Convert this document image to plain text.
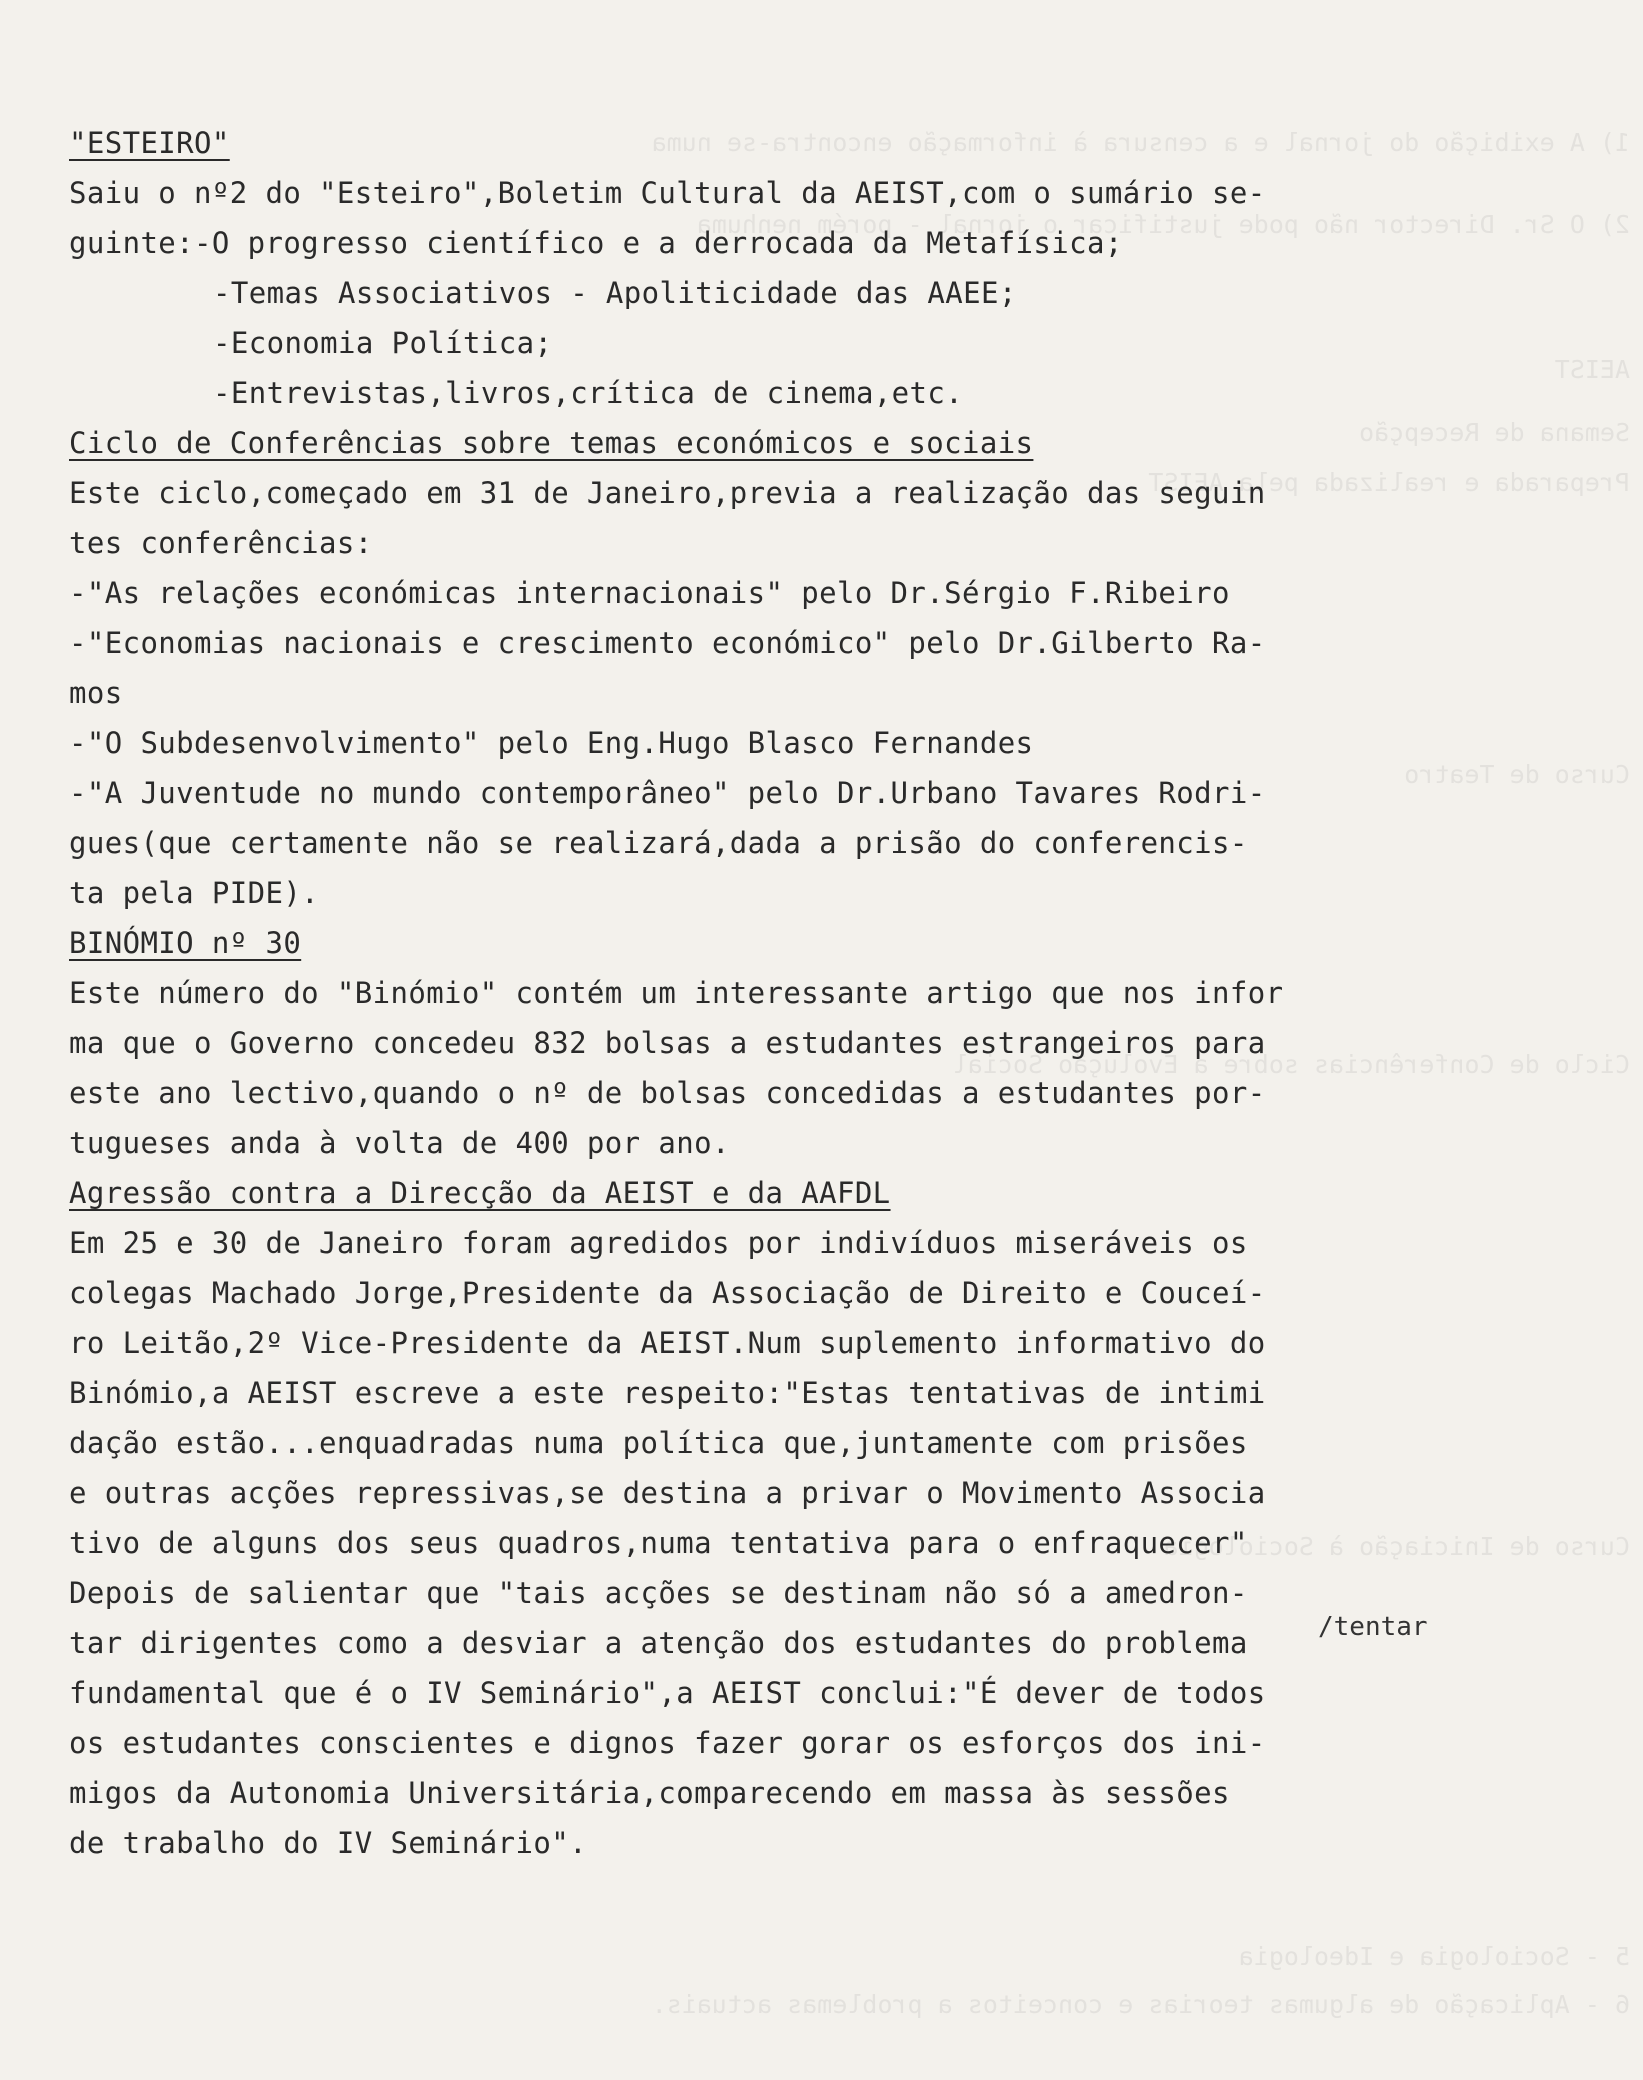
1) A exibição do jornal e a censura à informação encontra-se numa
2) O Sr. Director não pode justificar o jornal - porém nenhuma
AEIST
Semana de Recepção
Preparada e realizada pela AEIST
Curso de Teatro
Ciclo de Conferências sobre a Evolução Social
Curso de Iniciação à Sociologia
5 - Sociologia e Ideologia
6 - Aplicação de algumas teorias e conceitos a problemas actuais.

"ESTEIRO"

Saiu o nº2 do "Esteiro",Boletim Cultural da AEIST,com o sumário se-

guinte:-O progresso científico e a derrocada da Metafísica;

-Temas Associativos - Apoliticidade das AAEE;

-Economia Política;

-Entrevistas,livros,crítica de cinema,etc.

Ciclo de Conferências sobre temas económicos e sociais

Este ciclo,começado em 31 de Janeiro,previa a realização das seguin

tes conferências:

-"As relações económicas internacionais" pelo Dr.Sérgio F.Ribeiro

-"Economias nacionais e crescimento económico" pelo Dr.Gilberto Ra-

mos

-"O Subdesenvolvimento" pelo Eng.Hugo Blasco Fernandes

-"A Juventude no mundo contemporâneo" pelo Dr.Urbano Tavares Rodri-

gues(que certamente não se realizará,dada a prisão do conferencis-

ta pela PIDE).

BINÓMIO nº 30

Este número do "Binómio" contém um interessante artigo que nos infor

ma que o Governo concedeu 832 bolsas a estudantes estrangeiros para

este ano lectivo,quando o nº de bolsas concedidas a estudantes por-

tugueses anda à volta de 400 por ano.

Agressão contra a Direcção da AEIST e da AAFDL

Em 25 e 30 de Janeiro foram agredidos por indivíduos miseráveis os

colegas Machado Jorge,Presidente da Associação de Direito e Couceí-

ro Leitão,2º Vice-Presidente da AEIST.Num suplemento informativo do

Binómio,a AEIST escreve a este respeito:"Estas tentativas de intimi

dação estão...enquadradas numa política que,juntamente com prisões

e outras acções repressivas,se destina a privar o Movimento Associa

tivo de alguns dos seus quadros,numa tentativa para o enfraquecer"

Depois de salientar que "tais acções se destinam não só a amedron-

tar dirigentes como a desviar a atenção dos estudantes do problema

fundamental que é o IV Seminário",a AEIST conclui:"É dever de todos

os estudantes conscientes e dignos fazer gorar os esforços dos ini-

migos da Autonomia Universitária,comparecendo em massa às sessões

de trabalho do IV Seminário".

/tentar
